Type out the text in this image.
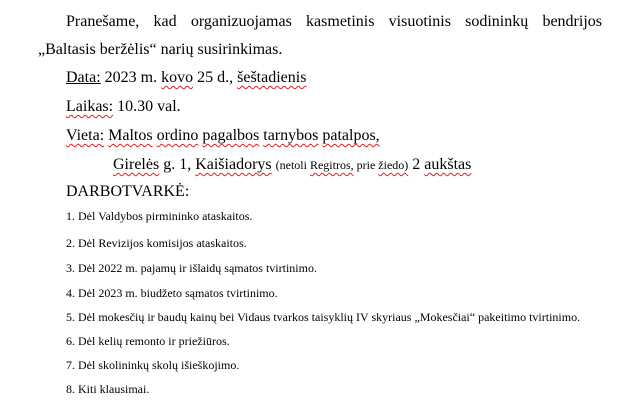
Pranešame, kad organizuojamas kasmetinis visuotinis sodininkų bendrijos
„Baltasis beržėlis“ narių susirinkimas.
Data: 2023 m. kovo 25 d., šeštadienis
Laikas: 10.30 val.
Vieta: Maltos ordino pagalbos tarnybos patalpos,
Girelės g. 1, Kaišiadorys (netoli Regitros, prie žiedo) 2 aukštas
DARBOTVARKĖ:
1. Dėl Valdybos pirmininko ataskaitos.
2. Dėl Revizijos komisijos ataskaitos.
3. Dėl 2022 m. pajamų ir išlaidų sąmatos tvirtinimo.
4. Dėl 2023 m. biudžeto sąmatos tvirtinimo.
5. Dėl mokesčių ir baudų kainų bei Vidaus tvarkos taisyklių IV skyriaus „Mokesčiai“ pakeitimo tvirtinimo.
6. Dėl kelių remonto ir priežiūros.
7. Dėl skolininkų skolų išieškojimo.
8. Kiti klausimai.
